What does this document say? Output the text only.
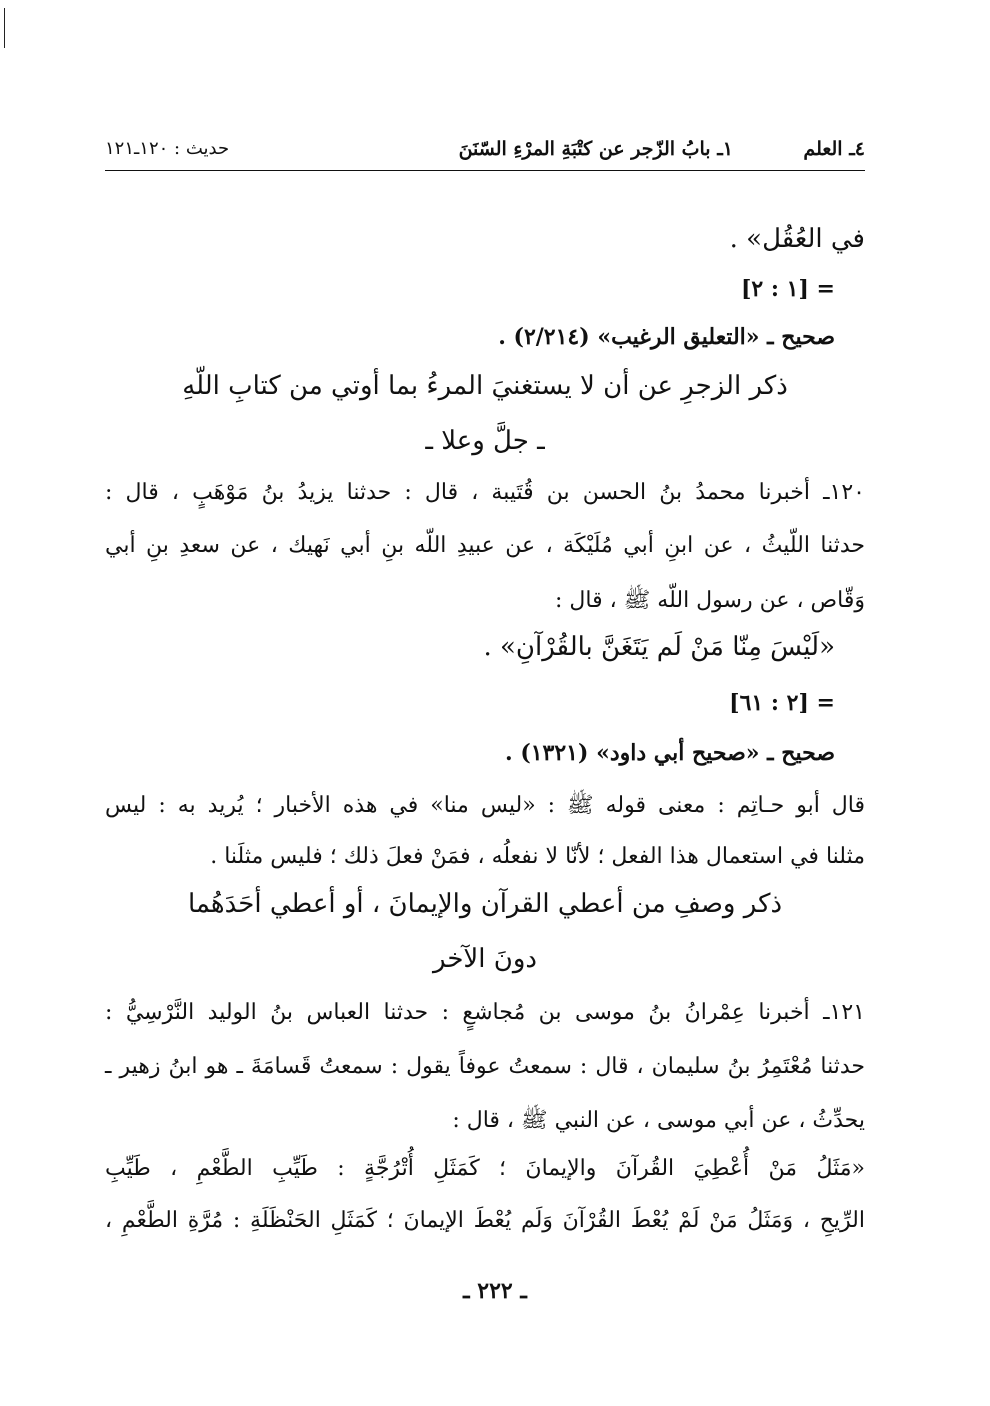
٤ـ العلم
١ـ بابُ الزّجر عن كتْبَةِ المرْءِ السّنَنَ
حديث : ١٢٠ـ١٢١
في العُقُل» .
= [١ : ٢]
صحيح ـ «التعليق الرغيب» (٢/٢١٤) .
ذكر الزجرِ عن أن لا يستغنيَ المرءُ بما أوتي من كتابِ اللّهِ
ـ جلَّ وعلا ـ
١٢٠ـ أخبرنا محمدُ بنُ الحسن بن قُتَيبة ، قال : حدثنا يزيدُ بنُ مَوْهَبٍ ، قال :
حدثنا اللّيثُ ، عن ابنِ أبي مُلَيْكَة ، عن عبيدِ اللّه بنِ أبي نَهيك ، عن سعدِ بنِ أبي
وَقّاص ، عن رسول اللّه ﷺ ، قال :
«لَيْسَ مِنّا مَنْ لَم يَتَغَنَّ بالقُرْآنِ» .
= [٢ : ٦١]
صحيح ـ «صحيح أبي داود» (١٣٢١) .
قال أبو حـاتِم : معنى قوله ﷺ : «ليس منا» في هذه الأخبار ؛ يُريد به : ليس
مثلنا في استعمال هذا الفعل ؛ لأنّا لا نفعلُه ، فمَنْ فعلَ ذلك ؛ فليس مثلَنا .
ذكر وصفِ من أعطي القرآن والإيمانَ ، أو أعطي أحَدَهُما
دونَ الآخر
١٢١ـ أخبرنا عِمْرانُ بنُ موسى بن مُجاشعٍ : حدثنا العباس بنُ الوليد النَّرْسِيُّ :
حدثنا مُعْتَمِرُ بنُ سليمان ، قال : سمعتُ عوفاً يقول : سمعتُ قَسامَةَ ـ هو ابنُ زهير ـ
يحدِّثُ ، عن أبي موسى ، عن النبي ﷺ ، قال :
«مَثَلُ مَنْ أُعْطِيَ القُرآنَ والإيمانَ ؛ كَمَثَلِ أُتْرُجَّةٍ : طَيِّبِ الطَّعْمِ ، طَيِّبِ
الرِّيحِ ، وَمَثَلُ مَنْ لَمْ يُعْطَ القُرْآنَ وَلَم يُعْطَ الإيمانَ ؛ كَمَثَلِ الحَنْظَلَةِ : مُرَّةِ الطَّعْمِ ،
ـ ٢٢٢ ـ
